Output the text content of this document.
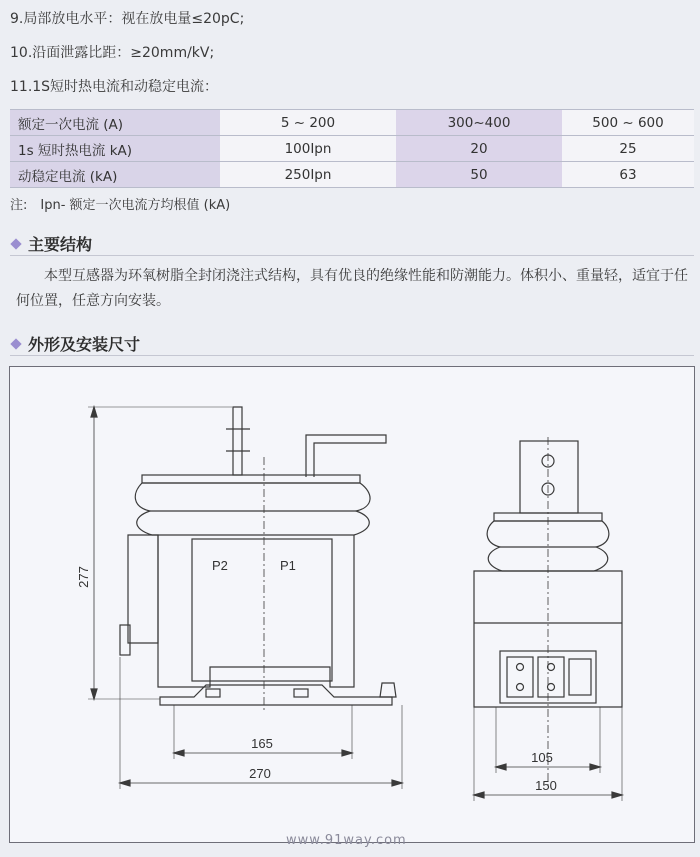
9.局部放电水平：视在放电量≤20pC;
10.沿面泄露比距：≥20mm/kV;
11.1S短时热电流和动稳定电流：
额定一次电流 (A)	5 ~ 200	300~400	500 ~ 600
1s 短时热电流 kA)	100Ipn	20	25
动稳定电流 (kA)	250Ipn	50	63
注:　Ipn- 额定一次电流方均根值 (kA)
主要结构
本型互感器为环氧树脂全封闭浇注式结构，具有优良的绝缘性能和防潮能力。体积小、重量轻，适宜于任何位置，任意方向安装。
外形及安装尺寸
P2	P1
277
165
270
105
150
www.91way.com
